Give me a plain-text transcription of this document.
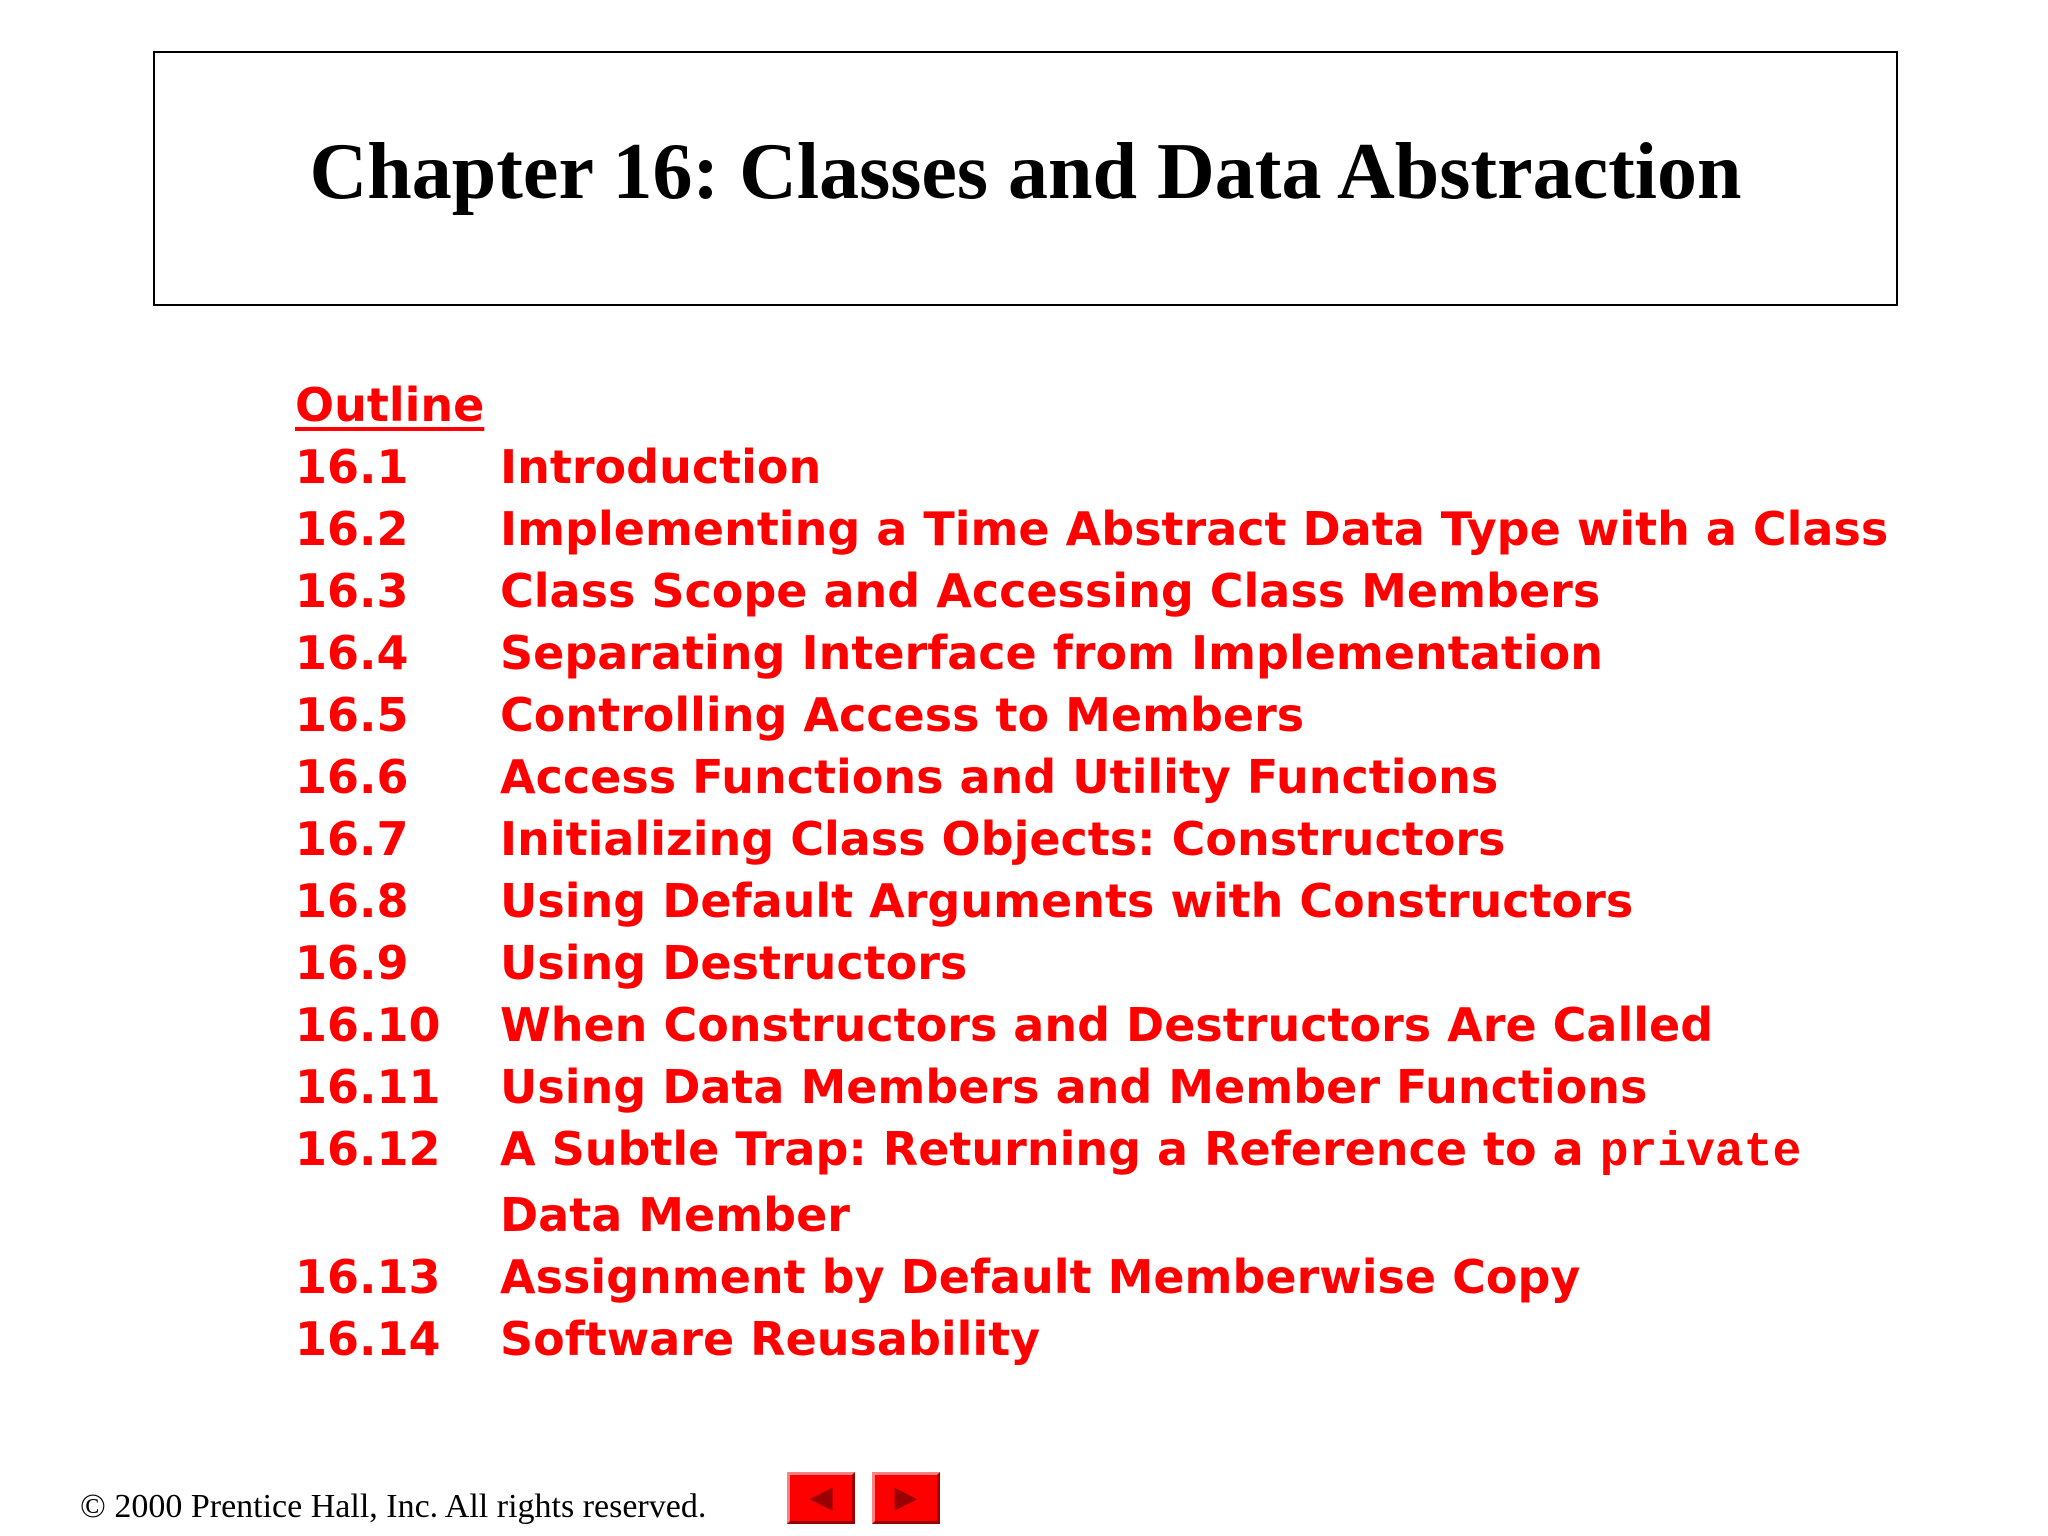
Chapter 16: Classes and Data Abstraction
Outline
16.1	Introduction
16.2	Implementing a Time Abstract Data Type with a Class
16.3	Class Scope and Accessing Class Members
16.4	Separating Interface from Implementation
16.5	Controlling Access to Members
16.6	Access Functions and Utility Functions
16.7	Initializing Class Objects: Constructors
16.8	Using Default Arguments with Constructors
16.9	Using Destructors
16.10	When Constructors and Destructors Are Called
16.11	Using Data Members and Member Functions
16.12	A Subtle Trap: Returning a Reference to a private
Data Member
16.13	Assignment by Default Memberwise Copy
16.14	Software Reusability
© 2000 Prentice Hall, Inc. All rights reserved.	◀ ▶
